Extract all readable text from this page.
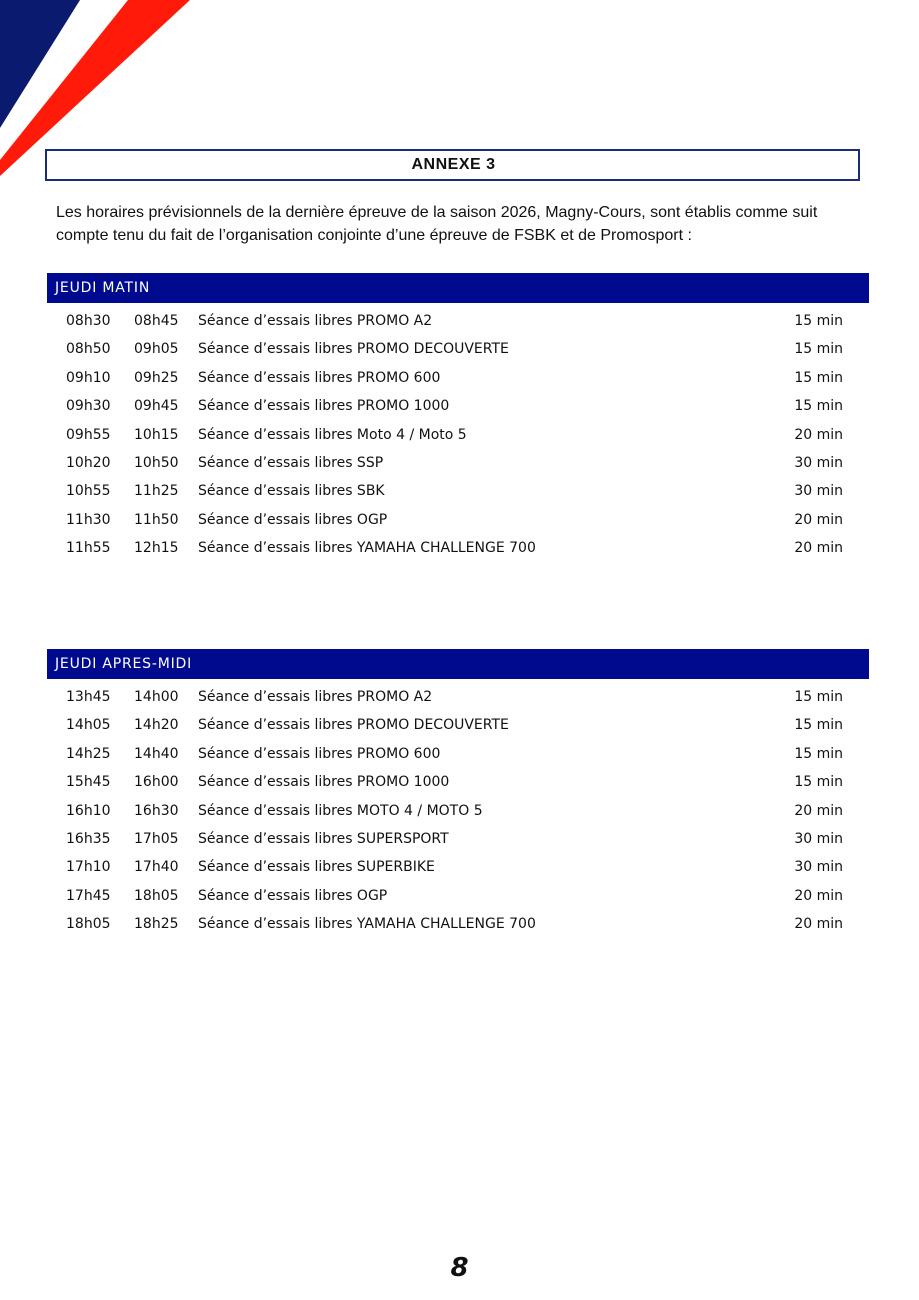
ANNEXE 3

Les horaires prévisionnels de la dernière épreuve de la saison 2026, Magny-Cours, sont établis comme suit compte tenu du fait de l’organisation conjointe d’une épreuve de FSBK et de Promosport :

JEUDI MATIN
08h30 08h45 Séance d’essais libres PROMO A2	15 min
08h50 09h05 Séance d’essais libres PROMO DECOUVERTE	15 min
09h10 09h25 Séance d’essais libres PROMO 600	15 min
09h30 09h45 Séance d’essais libres PROMO 1000	15 min
09h55 10h15 Séance d’essais libres Moto 4 / Moto 5	20 min
10h20 10h50 Séance d’essais libres SSP	30 min
10h55 11h25 Séance d’essais libres SBK	30 min
11h30 11h50 Séance d’essais libres OGP	20 min
11h55 12h15 Séance d’essais libres YAMAHA CHALLENGE 700	20 min
JEUDI APRES-MIDI
13h45 14h00 Séance d’essais libres PROMO A2	15 min
14h05 14h20 Séance d’essais libres PROMO DECOUVERTE	15 min
14h25 14h40 Séance d’essais libres PROMO 600	15 min
15h45 16h00 Séance d’essais libres PROMO 1000	15 min
16h10 16h30 Séance d’essais libres MOTO 4 / MOTO 5	20 min
16h35 17h05 Séance d’essais libres SUPERSPORT	30 min
17h10 17h40 Séance d’essais libres SUPERBIKE	30 min
17h45 18h05 Séance d’essais libres OGP	20 min
18h05 18h25 Séance d’essais libres YAMAHA CHALLENGE 700	20 min
8
